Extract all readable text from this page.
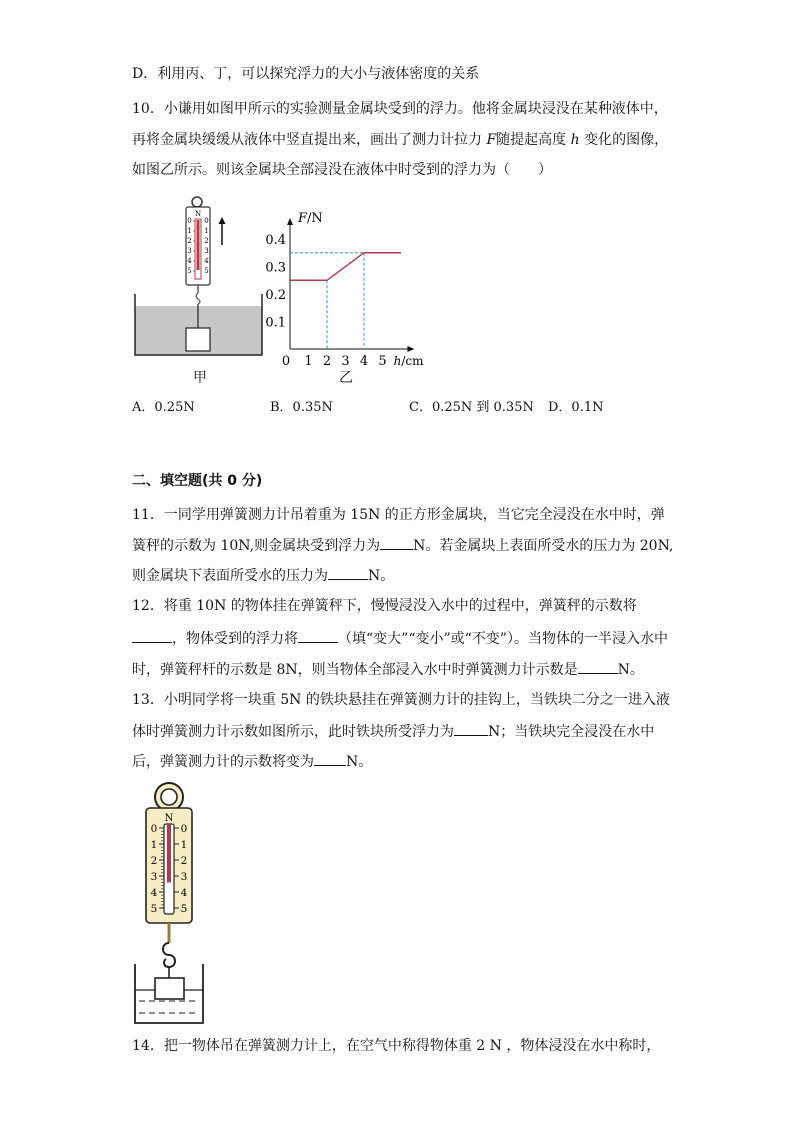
D．利用丙、丁，可以探究浮力的大小与液体密度的关系
10．小谦用如图甲所示的实验测量金属块受到的浮力。他将金属块浸没在某种液体中，
再将金属块缓缓从液体中竖直提出来，画出了测力计拉力 F随提起高度 h 变化的图像，
如图乙所示。则该金属块全部浸没在液体中时受到的浮力为（　　）
N
0 0
1 1
2 2
3 3
4 4
5 5
甲
F/N
0.1
0.2
0.3
0.4
0 1 2 3 4 5 h/cm
乙
A．0.25N	B．0.35N	C．0.25N 到 0.35N D．0.1N
二、填空题(共 0 分)
11．一同学用弹簧测力计吊着重为 15N 的正方形金属块，当它完全浸没在水中时，弹
簧秤的示数为 10N,则金属块受到浮力为 N。若金属块上表面所受水的压力为 20N,
则金属块下表面所受水的压力为	N。
12．将重 10N 的物体挂在弹簧秤下，慢慢浸没入水中的过程中，弹簧秤的示数将
，物体受到的浮力将	（填“变大”“变小”或“不变”）。当物体的一半浸入水中
时，弹簧秤杆的示数是 8N，则当物体全部浸入水中时弹簧测力计示数是	N。
13．小明同学将一块重 5N 的铁块悬挂在弹簧测力计的挂钩上，当铁块二分之一进入液
体时弹簧测力计示数如图所示，此时铁块所受浮力为 N；当铁块完全浸没在水中
后，弹簧测力计的示数将变为 N。
N
0 0
1 1
2 2
3 3
4 4
5 5
14．把一物体吊在弹簧测力计上，在空气中称得物体重 2 N ，物体浸没在水中称时，
